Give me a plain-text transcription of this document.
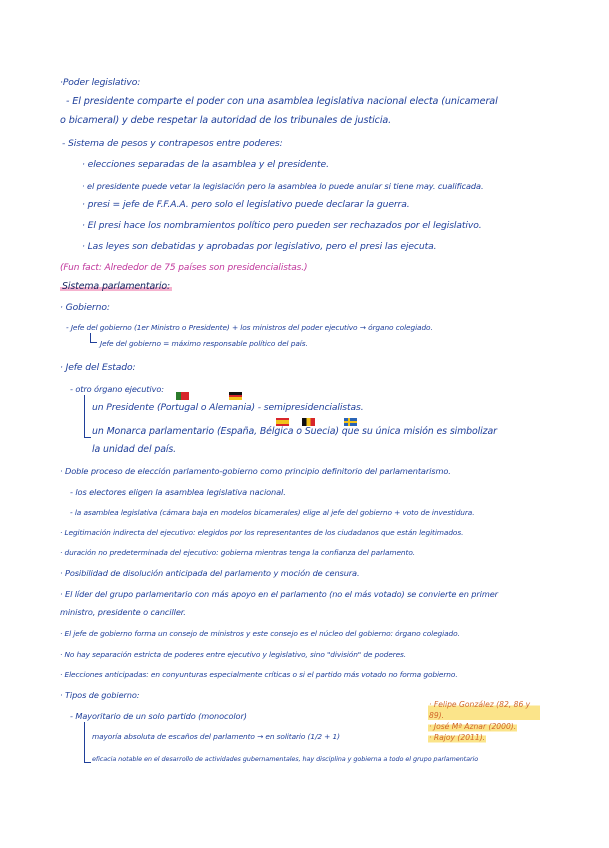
·Poder legislativo:
- El presidente comparte el poder con una asamblea legislativa nacional electa (unicameral
o bicameral) y debe respetar la autoridad de los tribunales de justicia.
- Sistema de pesos y contrapesos entre poderes:
· elecciones separadas de la asamblea y el presidente.
· el presidente puede vetar la legislación pero la asamblea lo puede anular si tiene may. cualificada.
· presi = jefe de F.F.A.A. pero solo el legislativo puede declarar la guerra.
· El presi hace los nombramientos político pero pueden ser rechazados por el legislativo.
· Las leyes son debatidas y aprobadas por legislativo, pero el presi las ejecuta.
(Fun fact: Alrededor de 75 países son presidencialistas.)
Sistema parlamentario:
· Gobierno:
- Jefe del gobierno (1er Ministro o Presidente) + los ministros del poder ejecutivo → órgano colegiado.
Jefe del gobierno = máximo responsable político del país.
· Jefe del Estado:
- otro órgano ejecutivo:
un Presidente (Portugal o Alemania) - semipresidencialistas.
un Monarca parlamentario (España, Bélgica o Suecia) que su única misión es simbolizar
la unidad del país.
· Doble proceso de elección parlamento-gobierno como principio definitorio del parlamentarismo.
- los electores eligen la asamblea legislativa nacional.
- la asamblea legislativa (cámara baja en modelos bicamerales) elige al jefe del gobierno + voto de investidura.
· Legitimación indirecta del ejecutivo: elegidos por los representantes de los ciudadanos que están legitimados.
· duración no predeterminada del ejecutivo: gobierna mientras tenga la confianza del parlamento.
· Posibilidad de disolución anticipada del parlamento y moción de censura.
· El líder del grupo parlamentario con más apoyo en el parlamento (no el más votado) se convierte en primer
ministro, presidente o canciller.
· El jefe de gobierno forma un consejo de ministros y este consejo es el núcleo del gobierno: órgano colegiado.
· No hay separación estricta de poderes entre ejecutivo y legislativo, sino "división" de poderes.
· Elecciones anticipadas: en conyunturas especialmente críticas o si el partido más votado no forma gobierno.
· Tipos de gobierno:
- Mayoritario de un solo partido (monocolor)
mayoría absoluta de escaños del parlamento → en solitario (1/2 + 1)
eficacia notable en el desarrollo de actividades gubernamentales, hay disciplina y gobierna a todo el grupo parlamentario
· Felipe González (82, 86 y 89).
· José Mª Aznar (2000).
· Rajoy (2011).
